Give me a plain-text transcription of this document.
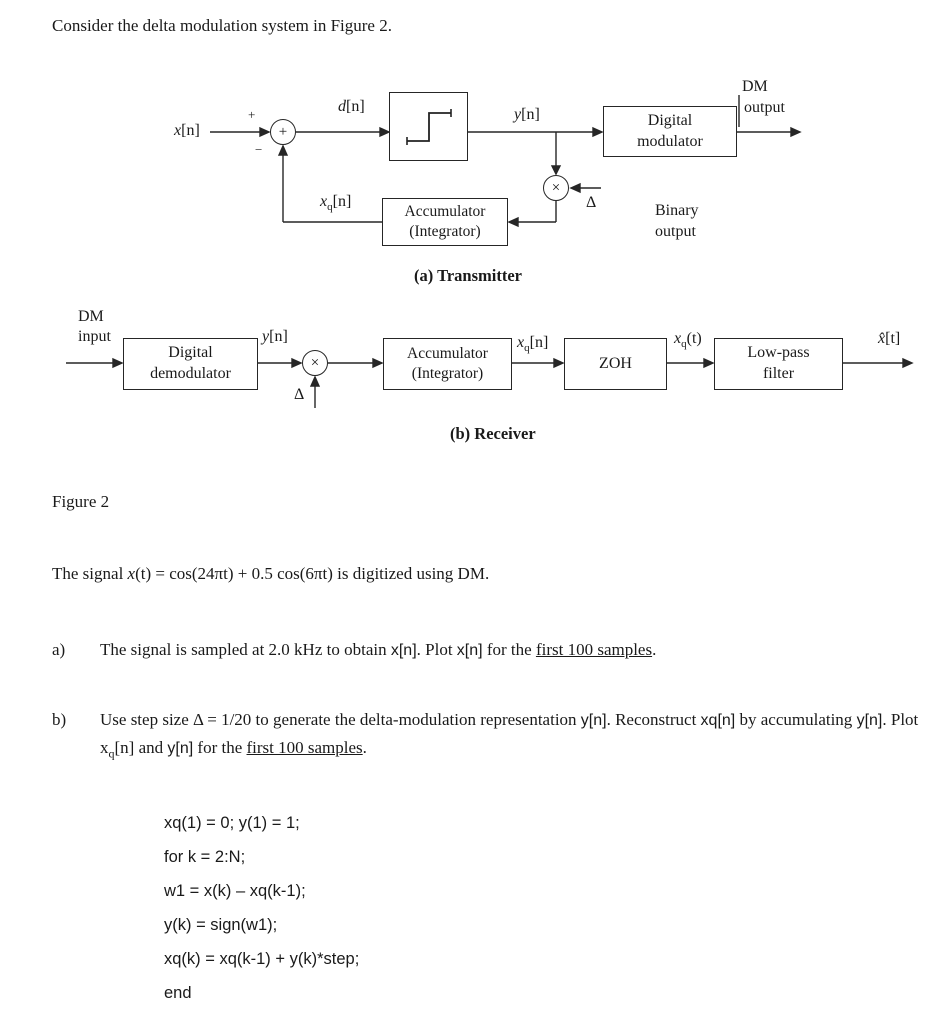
Consider the delta modulation system in Figure 2.
x[n]
+
−
+
d[n]	y[n]	Digital
modulator
DM
output
×
Δ	Binary
output
Accumulator
(Integrator)
$x_q[n]$
(a) Transmitter
DM
input
Digital
demodulator
y[n]
×
Δ
Accumulator
(Integrator)
$x_q[n]$
ZOH
$x_q(t)$
Low-pass
filter
x̂[t]
(b) Receiver
Figure 2
The signal x(t) = cos(24πt) + 0.5 cos(6πt) is digitized using DM.
a) The signal is sampled at 2.0 kHz to obtain x[n]. Plot x[n] for the first 100 samples.
b) Use step size Δ = 1/20 to generate the delta-modulation representation y[n]. Reconstruct xq[n] by accumulating y[n]. Plot $x_q[n]$ and y[n] for the first 100 samples.
xq(1) = 0; y(1) = 1;
for k = 2:N;
w1 = x(k) – xq(k-1);
y(k) = sign(w1);
xq(k) = xq(k-1) + y(k)*step;
end
